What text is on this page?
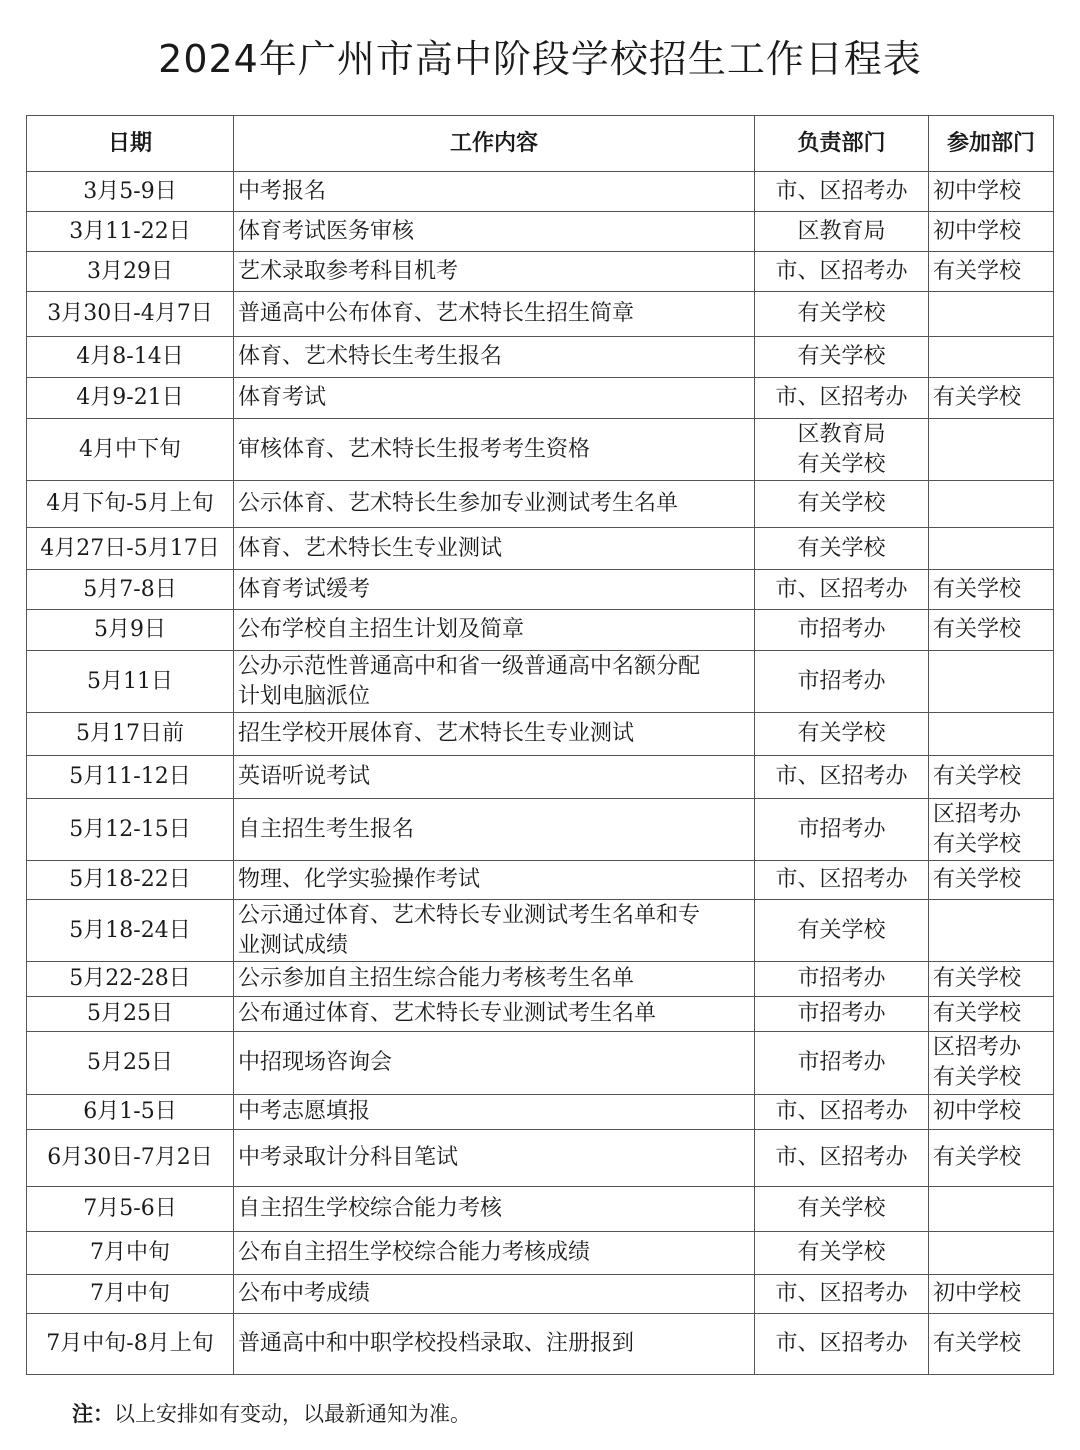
2024年广州市高中阶段学校招生工作日程表
日期	工作内容	负责部门	参加部门
3月5-9日	中考报名	市、区招考办	初中学校

3月11-22日	体育考试医务审核	区教育局	初中学校

3月29日	艺术录取参考科目机考	市、区招考办	有关学校

3月30日-4月7日	普通高中公布体育、艺术特长生招生简章	有关学校	

4月8-14日	体育、艺术特长生考生报名	有关学校	

4月9-21日	体育考试	市、区招考办	有关学校

4月中下旬	审核体育、艺术特长生报考考生资格	区教育局
有关学校	

4月下旬-5月上旬	公示体育、艺术特长生参加专业测试考生名单	有关学校	

4月27日-5月17日	体育、艺术特长生专业测试	有关学校	

5月7-8日	体育考试缓考	市、区招考办	有关学校

5月9日	公布学校自主招生计划及简章	市招考办	有关学校

5月11日	公办示范性普通高中和省一级普通高中名额分配
计划电脑派位	市招考办	

5月17日前	招生学校开展体育、艺术特长生专业测试	有关学校	

5月11-12日	英语听说考试	市、区招考办	有关学校

5月12-15日	自主招生考生报名	市招考办	区招考办
有关学校

5月18-22日	物理、化学实验操作考试	市、区招考办	有关学校

5月18-24日	公示通过体育、艺术特长专业测试考生名单和专
业测试成绩	有关学校	

5月22-28日	公示参加自主招生综合能力考核考生名单	市招考办	有关学校

5月25日	公布通过体育、艺术特长专业测试考生名单	市招考办	有关学校

5月25日	中招现场咨询会	市招考办	区招考办
有关学校

6月1-5日	中考志愿填报	市、区招考办	初中学校

6月30日-7月2日	中考录取计分科目笔试	市、区招考办	有关学校

7月5-6日	自主招生学校综合能力考核	有关学校	

7月中旬	公布自主招生学校综合能力考核成绩	有关学校	

7月中旬	公布中考成绩	市、区招考办	初中学校

7月中旬-8月上旬	普通高中和中职学校投档录取、注册报到	市、区招考办	有关学校
注：以上安排如有变动，以最新通知为准。
